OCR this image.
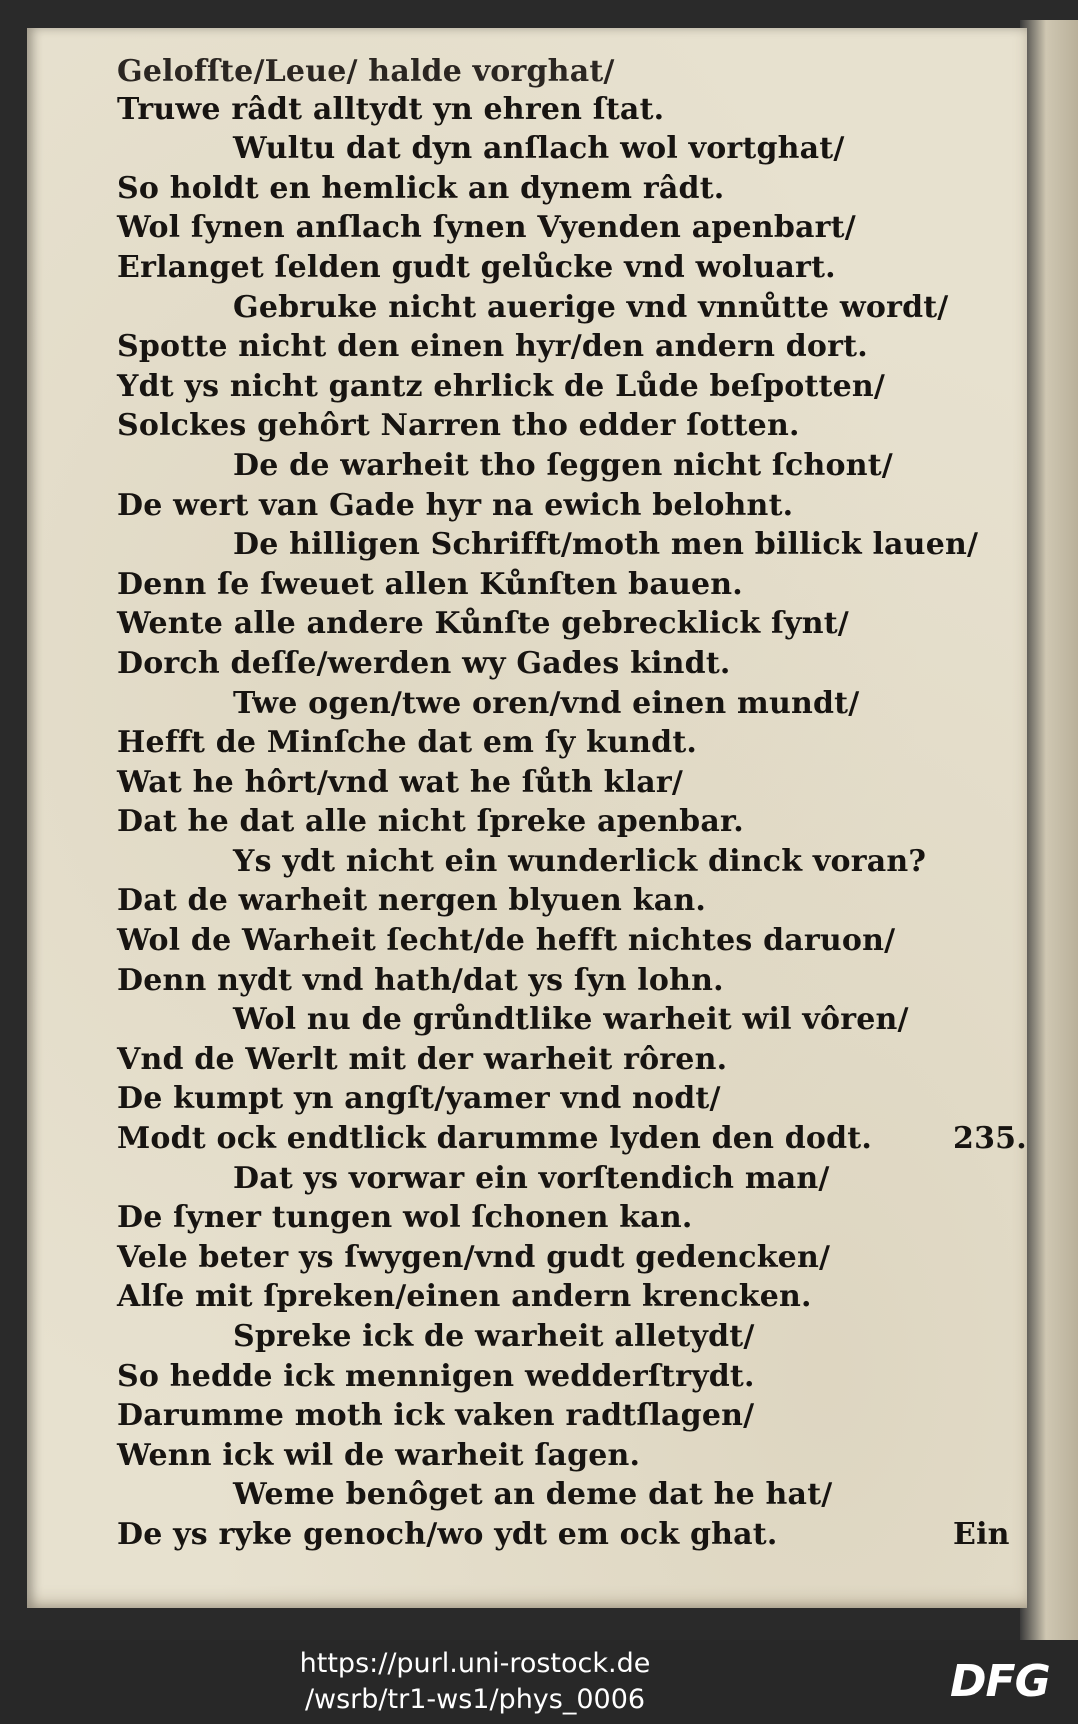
Gelofſte/Leue/ halde vorghat/
Truwe râdt alltydt yn ehren ſtat.
Wultu dat dyn anſlach wol vortghat/
So holdt en hemlick an dynem râdt.
Wol ſynen anſlach ſynen Vyenden apenbart/
Erlanget ſelden gudt gelůcke vnd woluart.
Gebruke nicht auerige vnd vnnůtte wordt/
Spotte nicht den einen hyr/den andern dort.
Ydt ys nicht gantz ehrlick de Lůde beſpotten/
Solckes gehôrt Narren tho edder ſotten.
De de warheit tho ſeggen nicht ſchont/
De wert van Gade hyr na ewich belohnt.
De hilligen Schrifft/moth men billick lauen/
Denn ſe ſweuet allen Kůnſten bauen.
Wente alle andere Kůnſte gebrecklick ſynt/
Dorch deſſe/werden wy Gades kindt.
Twe ogen/twe oren/vnd einen mundt/
Hefft de Minſche dat em ſy kundt.
Wat he hôrt/vnd wat he ſůth klar/
Dat he dat alle nicht ſpreke apenbar.
Ys ydt nicht ein wunderlick dinck voran?
Dat de warheit nergen blyuen kan.
Wol de Warheit ſecht/de hefft nichtes daruon/
Denn nydt vnd hath/dat ys ſyn lohn.
Wol nu de grůndtlike warheit wil vôren/
Vnd de Werlt mit der warheit rôren.
De kumpt yn angſt/yamer vnd nodt/
Modt ock endtlick darumme lyden den dodt.	235.
Dat ys vorwar ein vorſtendich man/
De ſyner tungen wol ſchonen kan.
Vele beter ys ſwygen/vnd gudt gedencken/
Alſe mit ſpreken/einen andern krencken.
Spreke ick de warheit alletydt/
So hedde ick mennigen wedderſtrydt.
Darumme moth ick vaken radtſlagen/
Wenn ick wil de warheit ſagen.
Weme benôget an deme dat he hat/
De ys ryke genoch/wo ydt em ock ghat.	Ein
https://purl.uni-rostock.de
/wsrb/tr1-ws1/phys_0006	DFG
